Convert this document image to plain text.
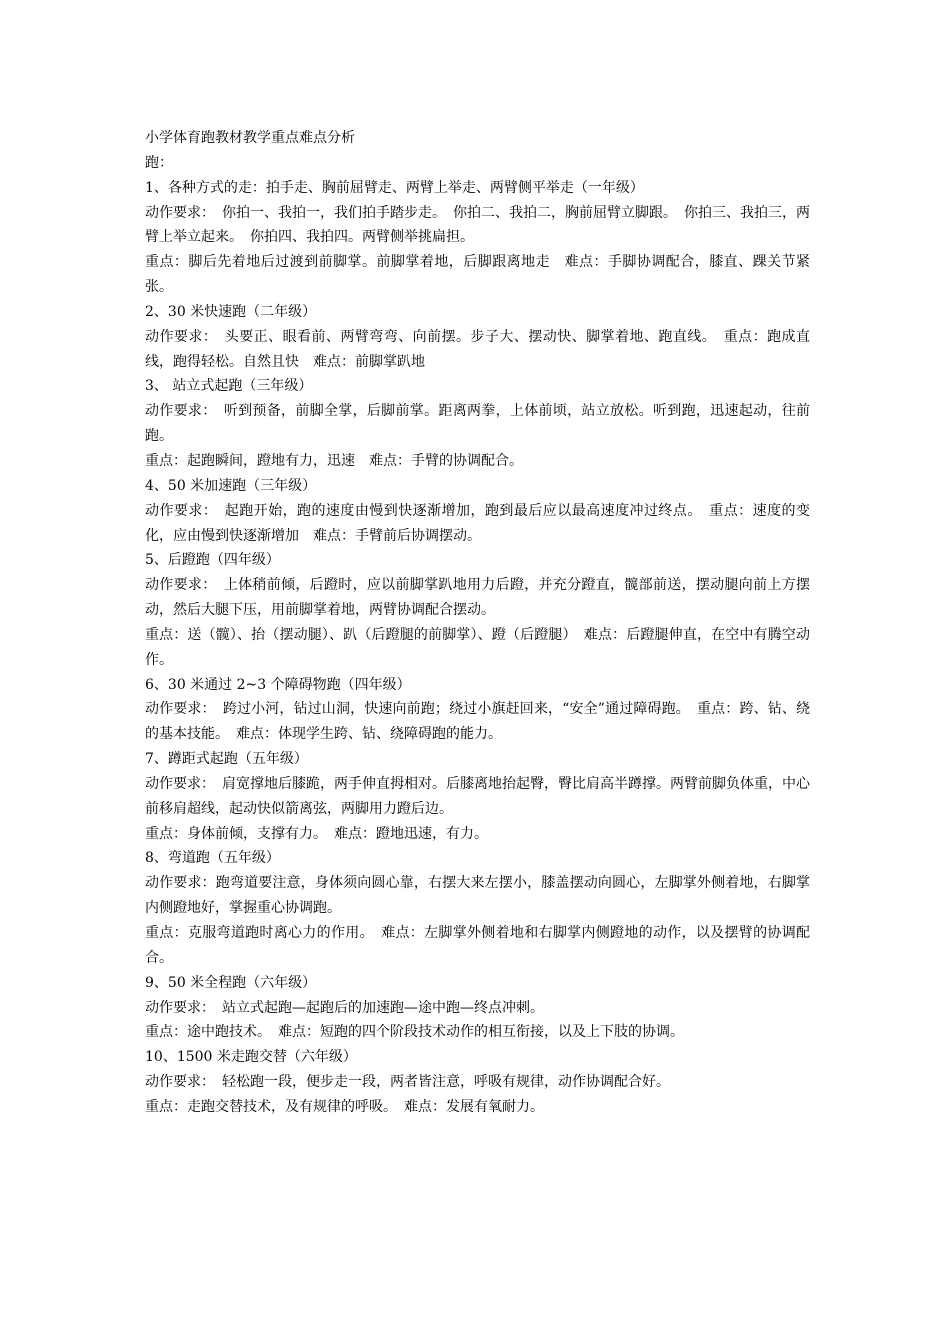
小学体育跑教材教学重点难点分析

跑：

1、各种方式的走：拍手走、胸前屈臂走、两臂上举走、两臂侧平举走（一年级）

动作要求：　你拍一、我拍一，我们拍手踏步走。　你拍二、我拍二，胸前屈臂立脚跟。　你拍三、我拍三，两臂上举立起来。　你拍四、我拍四。两臂侧举挑扁担。

重点：脚后先着地后过渡到前脚掌。前脚掌着地，后脚跟离地走　难点：手脚协调配合，膝直、踝关节紧张。

2、30 米快速跑（二年级）

动作要求：　头要正、眼看前、两臂弯弯、向前摆。步子大、摆动快、脚掌着地、跑直线。　重点：跑成直线，跑得轻松。自然且快　难点：前脚掌趴地

3、 站立式起跑（三年级）

动作要求：　听到预备，前脚全掌，后脚前掌。距离两拳，上体前顷，站立放松。听到跑，迅速起动，往前跑。

重点：起跑瞬间，蹬地有力，迅速　难点：手臂的协调配合。

4、50 米加速跑（三年级）

动作要求：　起跑开始，跑的速度由慢到快逐渐增加，跑到最后应以最高速度冲过终点。　重点：速度的变化，应由慢到快逐渐增加　难点：手臂前后协调摆动。

5、后蹬跑（四年级）

动作要求：　上体稍前倾，后蹬时，应以前脚掌趴地用力后蹬，并充分蹬直，髋部前送，摆动腿向前上方摆动，然后大腿下压，用前脚掌着地，两臂协调配合摆动。

重点：送（髋）、抬（摆动腿）、趴（后蹬腿的前脚掌）、蹬（后蹬腿）　难点：后蹬腿伸直，在空中有腾空动作。

6、30 米通过 2~3 个障碍物跑（四年级）

动作要求：　跨过小河，钻过山洞，快速向前跑；绕过小旗赶回来，“安全”通过障碍跑。　重点：跨、钻、绕的基本技能。　难点：体现学生跨、钻、绕障碍跑的能力。

7、蹲距式起跑（五年级）

动作要求：　肩宽撑地后膝跪，两手伸直拇相对。后膝离地抬起臀，臀比肩高半蹲撑。两臂前脚负体重，中心前移肩超线，起动快似箭离弦，两脚用力蹬后边。

重点：身体前倾，支撑有力。　难点：蹬地迅速，有力。

8、弯道跑（五年级）

动作要求：跑弯道要注意，身体须向圆心靠，右摆大来左摆小，膝盖摆动向圆心，左脚掌外侧着地，右脚掌内侧蹬地好，掌握重心协调跑。

重点：克服弯道跑时离心力的作用。　难点：左脚掌外侧着地和右脚掌内侧蹬地的动作，以及摆臂的协调配合。

9、50 米全程跑（六年级）

动作要求：　站立式起跑—起跑后的加速跑—途中跑—终点冲刺。

重点：途中跑技术。　难点：短跑的四个阶段技术动作的相互衔接，以及上下肢的协调。

10、1500 米走跑交替（六年级）

动作要求：　轻松跑一段，便步走一段，两者皆注意，呼吸有规律，动作协调配合好。

重点：走跑交替技术，及有规律的呼吸。　难点：发展有氧耐力。
